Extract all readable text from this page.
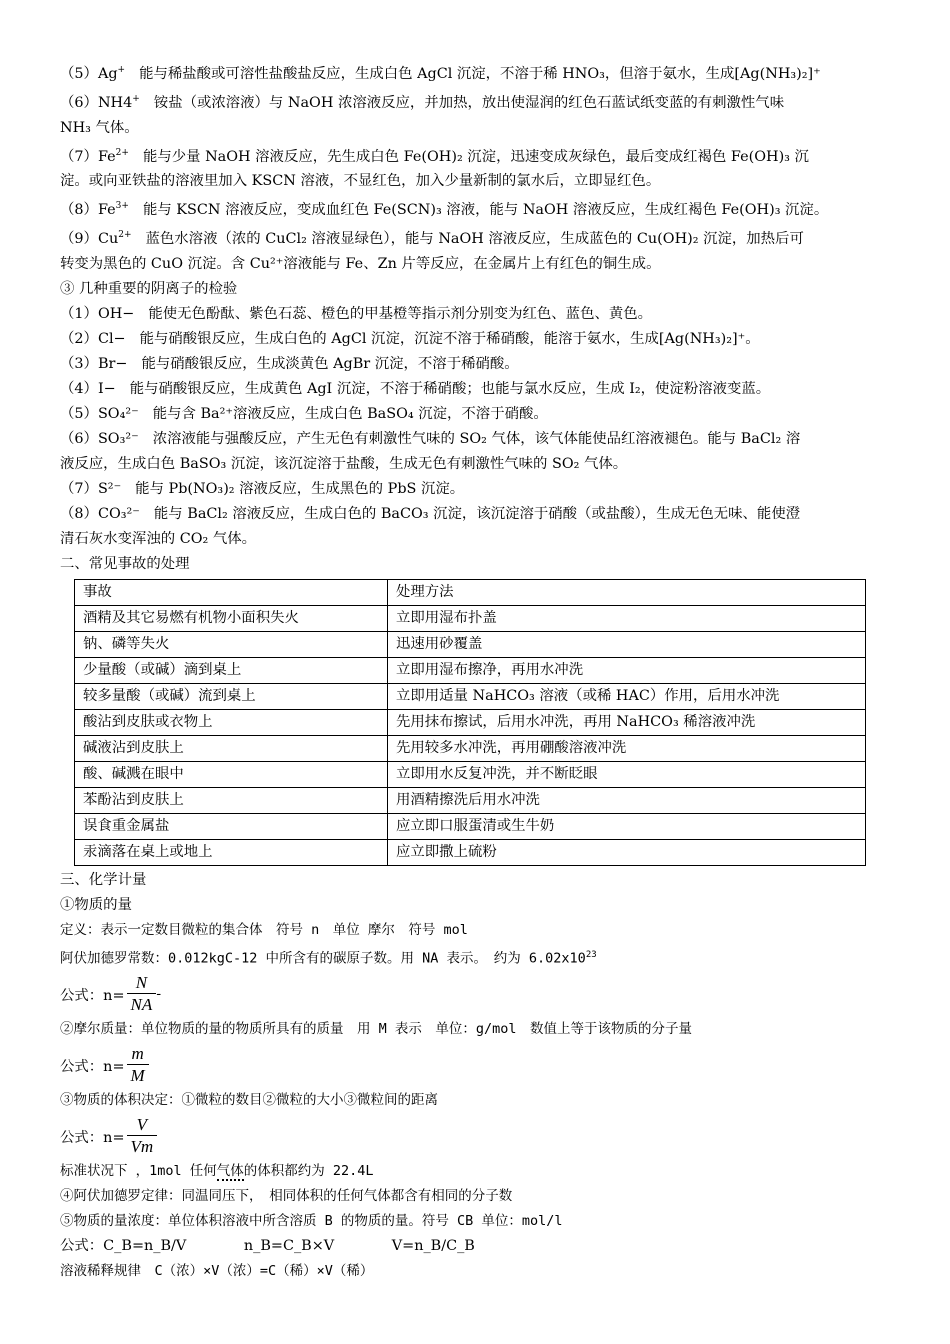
（5）Ag+ 能与稀盐酸或可溶性盐酸盐反应，生成白色 AgCl 沉淀，不溶于稀 HNO₃，但溶于氨水，生成[Ag(NH₃)₂]⁺
（6）NH4+ 铵盐（或浓溶液）与 NaOH 浓溶液反应，并加热，放出使湿润的红色石蓝试纸变蓝的有刺激性气味
NH₃ 气体。
$(7)Fe^{2+}$ 能与少量 NaOH 溶液反应，先生成白色 Fe(OH)₂ 沉淀，迅速变成灰绿色，最后变成红褐色 Fe(OH)₃ 沉
淀。或向亚铁盐的溶液里加入 KSCN 溶液，不显红色，加入少量新制的氯水后，立即显红色。
$(8)Fe^{3+}$ 能与 KSCN 溶液反应，变成血红色 Fe(SCN)₃ 溶液，能与 NaOH 溶液反应，生成红褐色 Fe(OH)₃ 沉淀。
$(9)Cu^{2+}$ 蓝色水溶液（浓的 CuCl₂ 溶液显绿色），能与 NaOH 溶液反应，生成蓝色的 Cu(OH)₂ 沉淀，加热后可
转变为黑色的 CuO 沉淀。含 Cu²⁺溶液能与 Fe、Zn 片等反应，在金属片上有红色的铜生成。
③ 几种重要的阴离子的检验
（1）OH− 能使无色酚酞、紫色石蕊、橙色的甲基橙等指示剂分别变为红色、蓝色、黄色。
（2）Cl− 能与硝酸银反应，生成白色的 AgCl 沉淀，沉淀不溶于稀硝酸，能溶于氨水，生成[Ag(NH₃)₂]⁺。
（3）Br− 能与硝酸银反应，生成淡黄色 AgBr 沉淀，不溶于稀硝酸。
（4）I− 能与硝酸银反应，生成黄色 AgI 沉淀，不溶于稀硝酸；也能与氯水反应，生成 I₂，使淀粉溶液变蓝。
（5）SO₄²⁻ 能与含 Ba²⁺溶液反应，生成白色 BaSO₄ 沉淀，不溶于硝酸。
（6）SO₃²⁻ 浓溶液能与强酸反应，产生无色有刺激性气味的 SO₂ 气体，该气体能使品红溶液褪色。能与 BaCl₂ 溶
液反应，生成白色 BaSO₃ 沉淀，该沉淀溶于盐酸，生成无色有刺激性气味的 SO₂ 气体。
（7）S²⁻ 能与 Pb(NO₃)₂ 溶液反应，生成黑色的 PbS 沉淀。
（8）CO₃²⁻ 能与 BaCl₂ 溶液反应，生成白色的 BaCO₃ 沉淀，该沉淀溶于硝酸（或盐酸），生成无色无味、能使澄
清石灰水变浑浊的 CO₂ 气体。
二、常见事故的处理
事故	处理方法
酒精及其它易燃有机物小面积失火	立即用湿布扑盖
钠、磷等失火	迅速用砂覆盖
少量酸（或碱）滴到桌上	立即用湿布擦净，再用水冲洗
较多量酸（或碱）流到桌上	立即用适量 NaHCO₃ 溶液（或稀 HAC）作用，后用水冲洗
酸沾到皮肤或衣物上	先用抹布擦试，后用水冲洗，再用 NaHCO₃ 稀溶液冲洗
碱液沾到皮肤上	先用较多水冲洗，再用硼酸溶液冲洗
酸、碱溅在眼中	立即用水反复冲洗，并不断眨眼
苯酚沾到皮肤上	用酒精擦洗后用水冲洗
误食重金属盐	应立即口服蛋清或生牛奶
汞滴落在桌上或地上	应立即撒上硫粉
三、化学计量
①物质的量
定义：表示一定数目微粒的集合体　符号 n　单位 摩尔　符号 mol
阿伏加德罗常数：0.012kgC-12 中所含有的碳原子数。用 NA 表示。　约为 $6.02x10^{23}$
公式：$n= \frac{N}{NA}$ -
②摩尔质量：单位物质的量的物质所具有的质量　用 M 表示　单位：g/mol　数值上等于该物质的分子量
公式：$n= \frac{m}{M}$
③物质的体积决定：①微粒的数目②微粒的大小③微粒间的距离
公式：$n= \frac{V}{Vm}$
标准状况下 ，1mol 任何气体的体积都约为 22.4L
④阿伏加德罗定律：同温同压下，　相同体积的任何气体都含有相同的分子数
⑤物质的量浓度：单位体积溶液中所含溶质 B 的物质的量。符号 CB 单位：mol/l
公式：C_B=n_B/V　　　　n_B=C_B×V　　　　V=n_B/C_B
溶液稀释规律　C（浓）×V（浓）=C（稀）×V（稀）
